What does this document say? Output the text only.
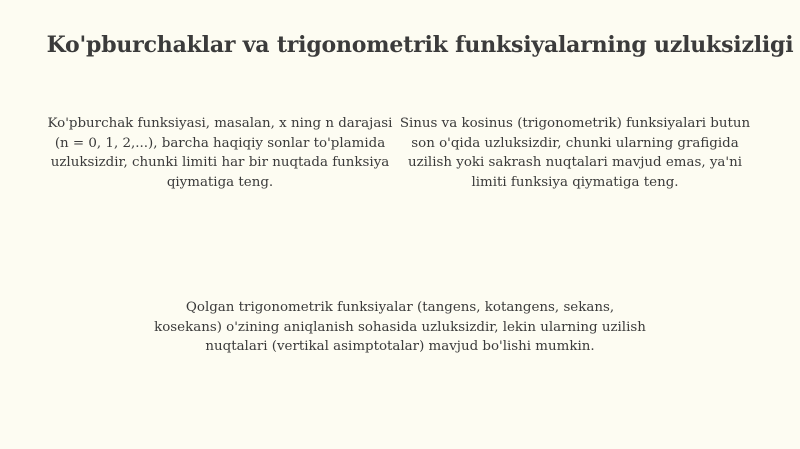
Ko'pburchaklar va trigonometrik funksiyalarning uzluksizligi
Ko'pburchak funksiyasi, masalan, x ning n darajasi (n = 0, 1, 2,...), barcha haqiqiy sonlar to'plamida uzluksizdir, chunki limiti har bir nuqtada funksiya qiymatiga teng.
Sinus va kosinus (trigonometrik) funksiyalari butun son o'qida uzluksizdir, chunki ularning grafigida uzilish yoki sakrash nuqtalari mavjud emas, ya'ni limiti funksiya qiymatiga teng.
Qolgan trigonometrik funksiyalar (tangens, kotangens, sekans, kosekans) o'zining aniqlanish sohasida uzluksizdir, lekin ularning uzilish nuqtalari (vertikal asimptotalar) mavjud bo'lishi mumkin.
